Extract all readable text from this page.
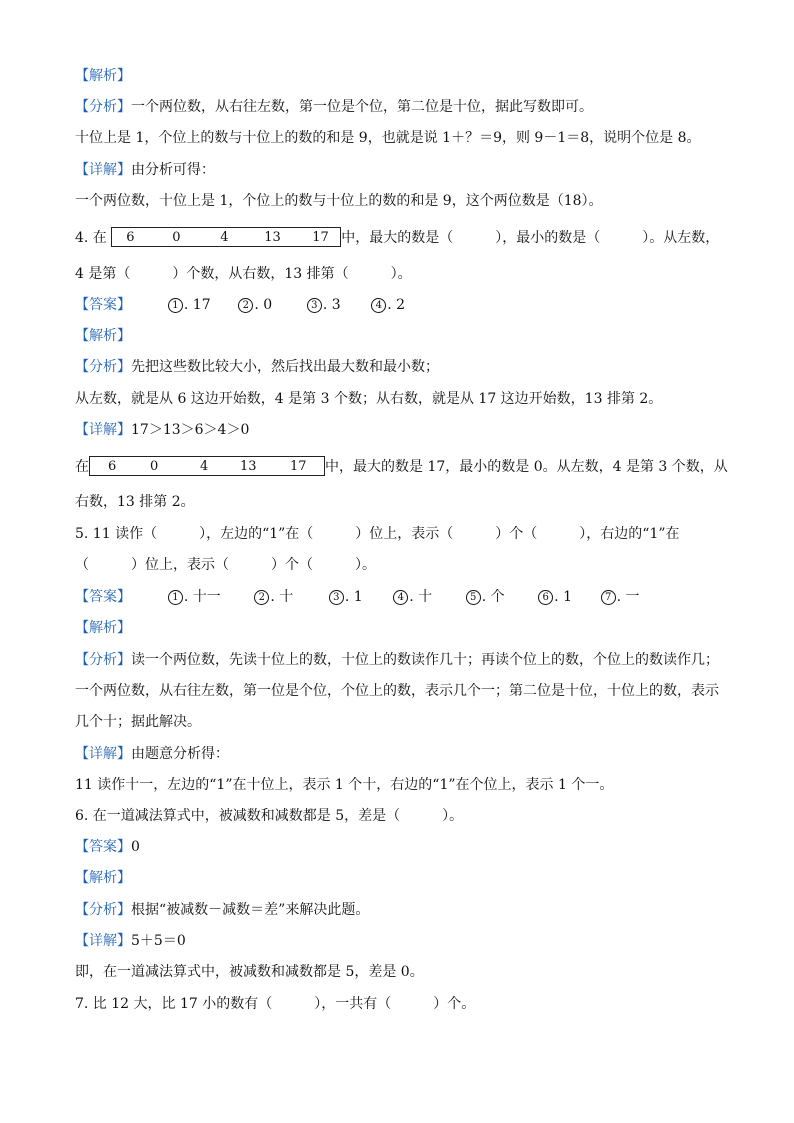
【解析】
【分析】一个两位数，从右往左数，第一位是个位，第二位是十位，据此写数即可。
十位上是 1，个位上的数与十位上的数的和是 9，也就是说 1＋？＝9，则 9－1＝8，说明个位是 8。
【详解】由分析可得：
一个两位数，十位上是 1，个位上的数与十位上的数的和是 9，这个两位数是（18）。
4. 在 6	0	4	13 17 中，最大的数是（　　　），最小的数是（　　　）。从左数，
4 是第（　　　）个数，从右数，13 排第（　　　）。
【答案】	1 . 17	2 . 0	3 . 3	4 . 2
【解析】
【分析】先把这些数比较大小，然后找出最大数和最小数；
从左数，就是从 6 这边开始数，4 是第 3 个数；从右数，就是从 17 这边开始数，13 排第 2。
【详解】17＞13＞6＞4＞0
在 6	0	4 13	17 中，最大的数是 17，最小的数是 0。从左数，4 是第 3 个数，从
右数，13 排第 2。
5. 11 读作（　　　），左边的“1”在（　　　）位上，表示（　　　）个（　　　），右边的“1”在
（　　　）位上，表示（　　　）个（　　　）。
【答案】	1 . 十一	2 . 十	3 . 1	4 . 十	5 . 个	6 . 1	7 . 一
【解析】
【分析】读一个两位数，先读十位上的数，十位上的数读作几十；再读个位上的数，个位上的数读作几；
一个两位数，从右往左数，第一位是个位，个位上的数，表示几个一；第二位是十位，十位上的数，表示
几个十；据此解决。
【详解】由题意分析得：
11 读作十一，左边的“1”在十位上，表示 1 个十，右边的“1”在个位上，表示 1 个一。
6. 在一道减法算式中，被减数和减数都是 5，差是（　　　）。
【答案】0
【解析】
【分析】根据“被减数－减数＝差”来解决此题。
【详解】5＋5＝0
即，在一道减法算式中，被减数和减数都是 5，差是 0。
7. 比 12 大，比 17 小的数有（　　　），一共有（　　　）个。
